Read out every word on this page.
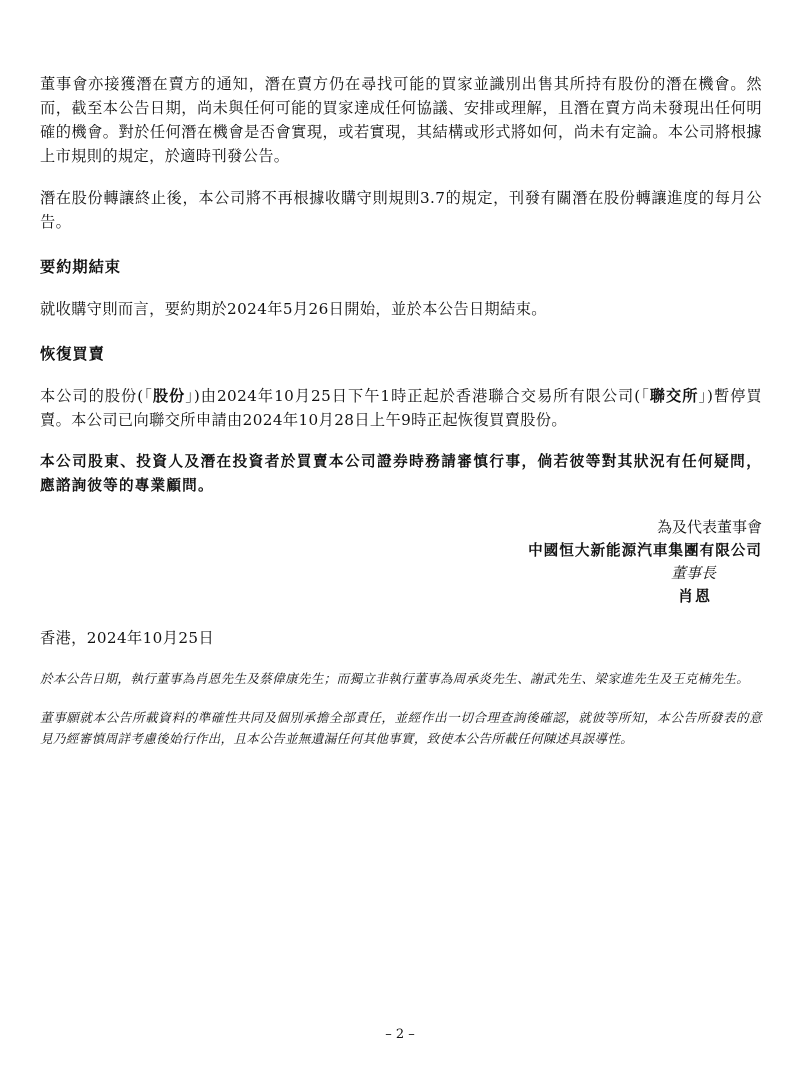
董事會亦接獲潛在賣方的通知，潛在賣方仍在尋找可能的買家並識別出售其所持有股份的潛在機會。然而，截至本公告日期，尚未與任何可能的買家達成任何協議、安排或理解，且潛在賣方尚未發現出任何明確的機會。對於任何潛在機會是否會實現，或若實現，其結構或形式將如何，尚未有定論。本公司將根據上市規則的規定，於適時刊發公告。

潛在股份轉讓終止後，本公司將不再根據收購守則規則3.7的規定，刊發有關潛在股份轉讓進度的每月公告。

要約期結束

就收購守則而言，要約期於2024年5月26日開始，並於本公告日期結束。

恢復買賣

本公司的股份(「股份」)由2024年10月25日下午1時正起於香港聯合交易所有限公司(「聯交所」)暫停買賣。本公司已向聯交所申請由2024年10月28日上午9時正起恢復買賣股份。

本公司股東、投資人及潛在投資者於買賣本公司證券時務請審慎行事，倘若彼等對其狀況有任何疑問，應諮詢彼等的專業顧問。

為及代表董事會
中國恒大新能源汽車集團有限公司
董事長
肖恩

香港，2024年10月25日

於本公告日期，執行董事為肖恩先生及蔡偉康先生；而獨立非執行董事為周承炎先生、謝武先生、梁家進先生及王克楠先生。

董事願就本公告所載資料的準確性共同及個別承擔全部責任，並經作出一切合理查詢後確認，就彼等所知，本公告所發表的意見乃經審慎周詳考慮後始行作出，且本公告並無遺漏任何其他事實，致使本公告所載任何陳述具誤導性。

– 2 –
